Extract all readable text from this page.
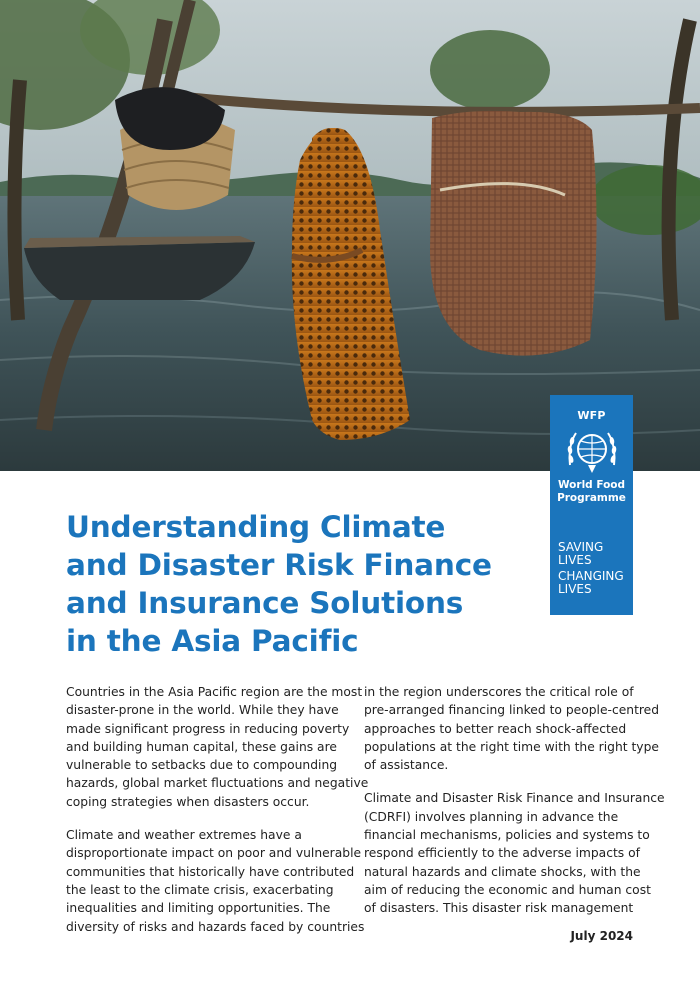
WFP
World Food
Programme
SAVING
LIVES
CHANGING
LIVES
Understanding Climate
and Disaster Risk Finance
and Insurance Solutions
in the Asia Pacific

Countries in the Asia Pacific region are the most
disaster-prone in the world. While they have
made significant progress in reducing poverty
and building human capital, these gains are
vulnerable to setbacks due to compounding
hazards, global market fluctuations and negative
coping strategies when disasters occur.

Climate and weather extremes have a
disproportionate impact on poor and vulnerable
communities that historically have contributed
the least to the climate crisis, exacerbating
inequalities and limiting opportunities. The
diversity of risks and hazards faced by countries

in the region underscores the critical role of
pre-arranged financing linked to people-centred
approaches to better reach shock-affected
populations at the right time with the right type
of assistance.

Climate and Disaster Risk Finance and Insurance
(CDRFI) involves planning in advance the
financial mechanisms, policies and systems to
respond efficiently to the adverse impacts of
natural hazards and climate shocks, with the
aim of reducing the economic and human cost
of disasters. This disaster risk management

July 2024
